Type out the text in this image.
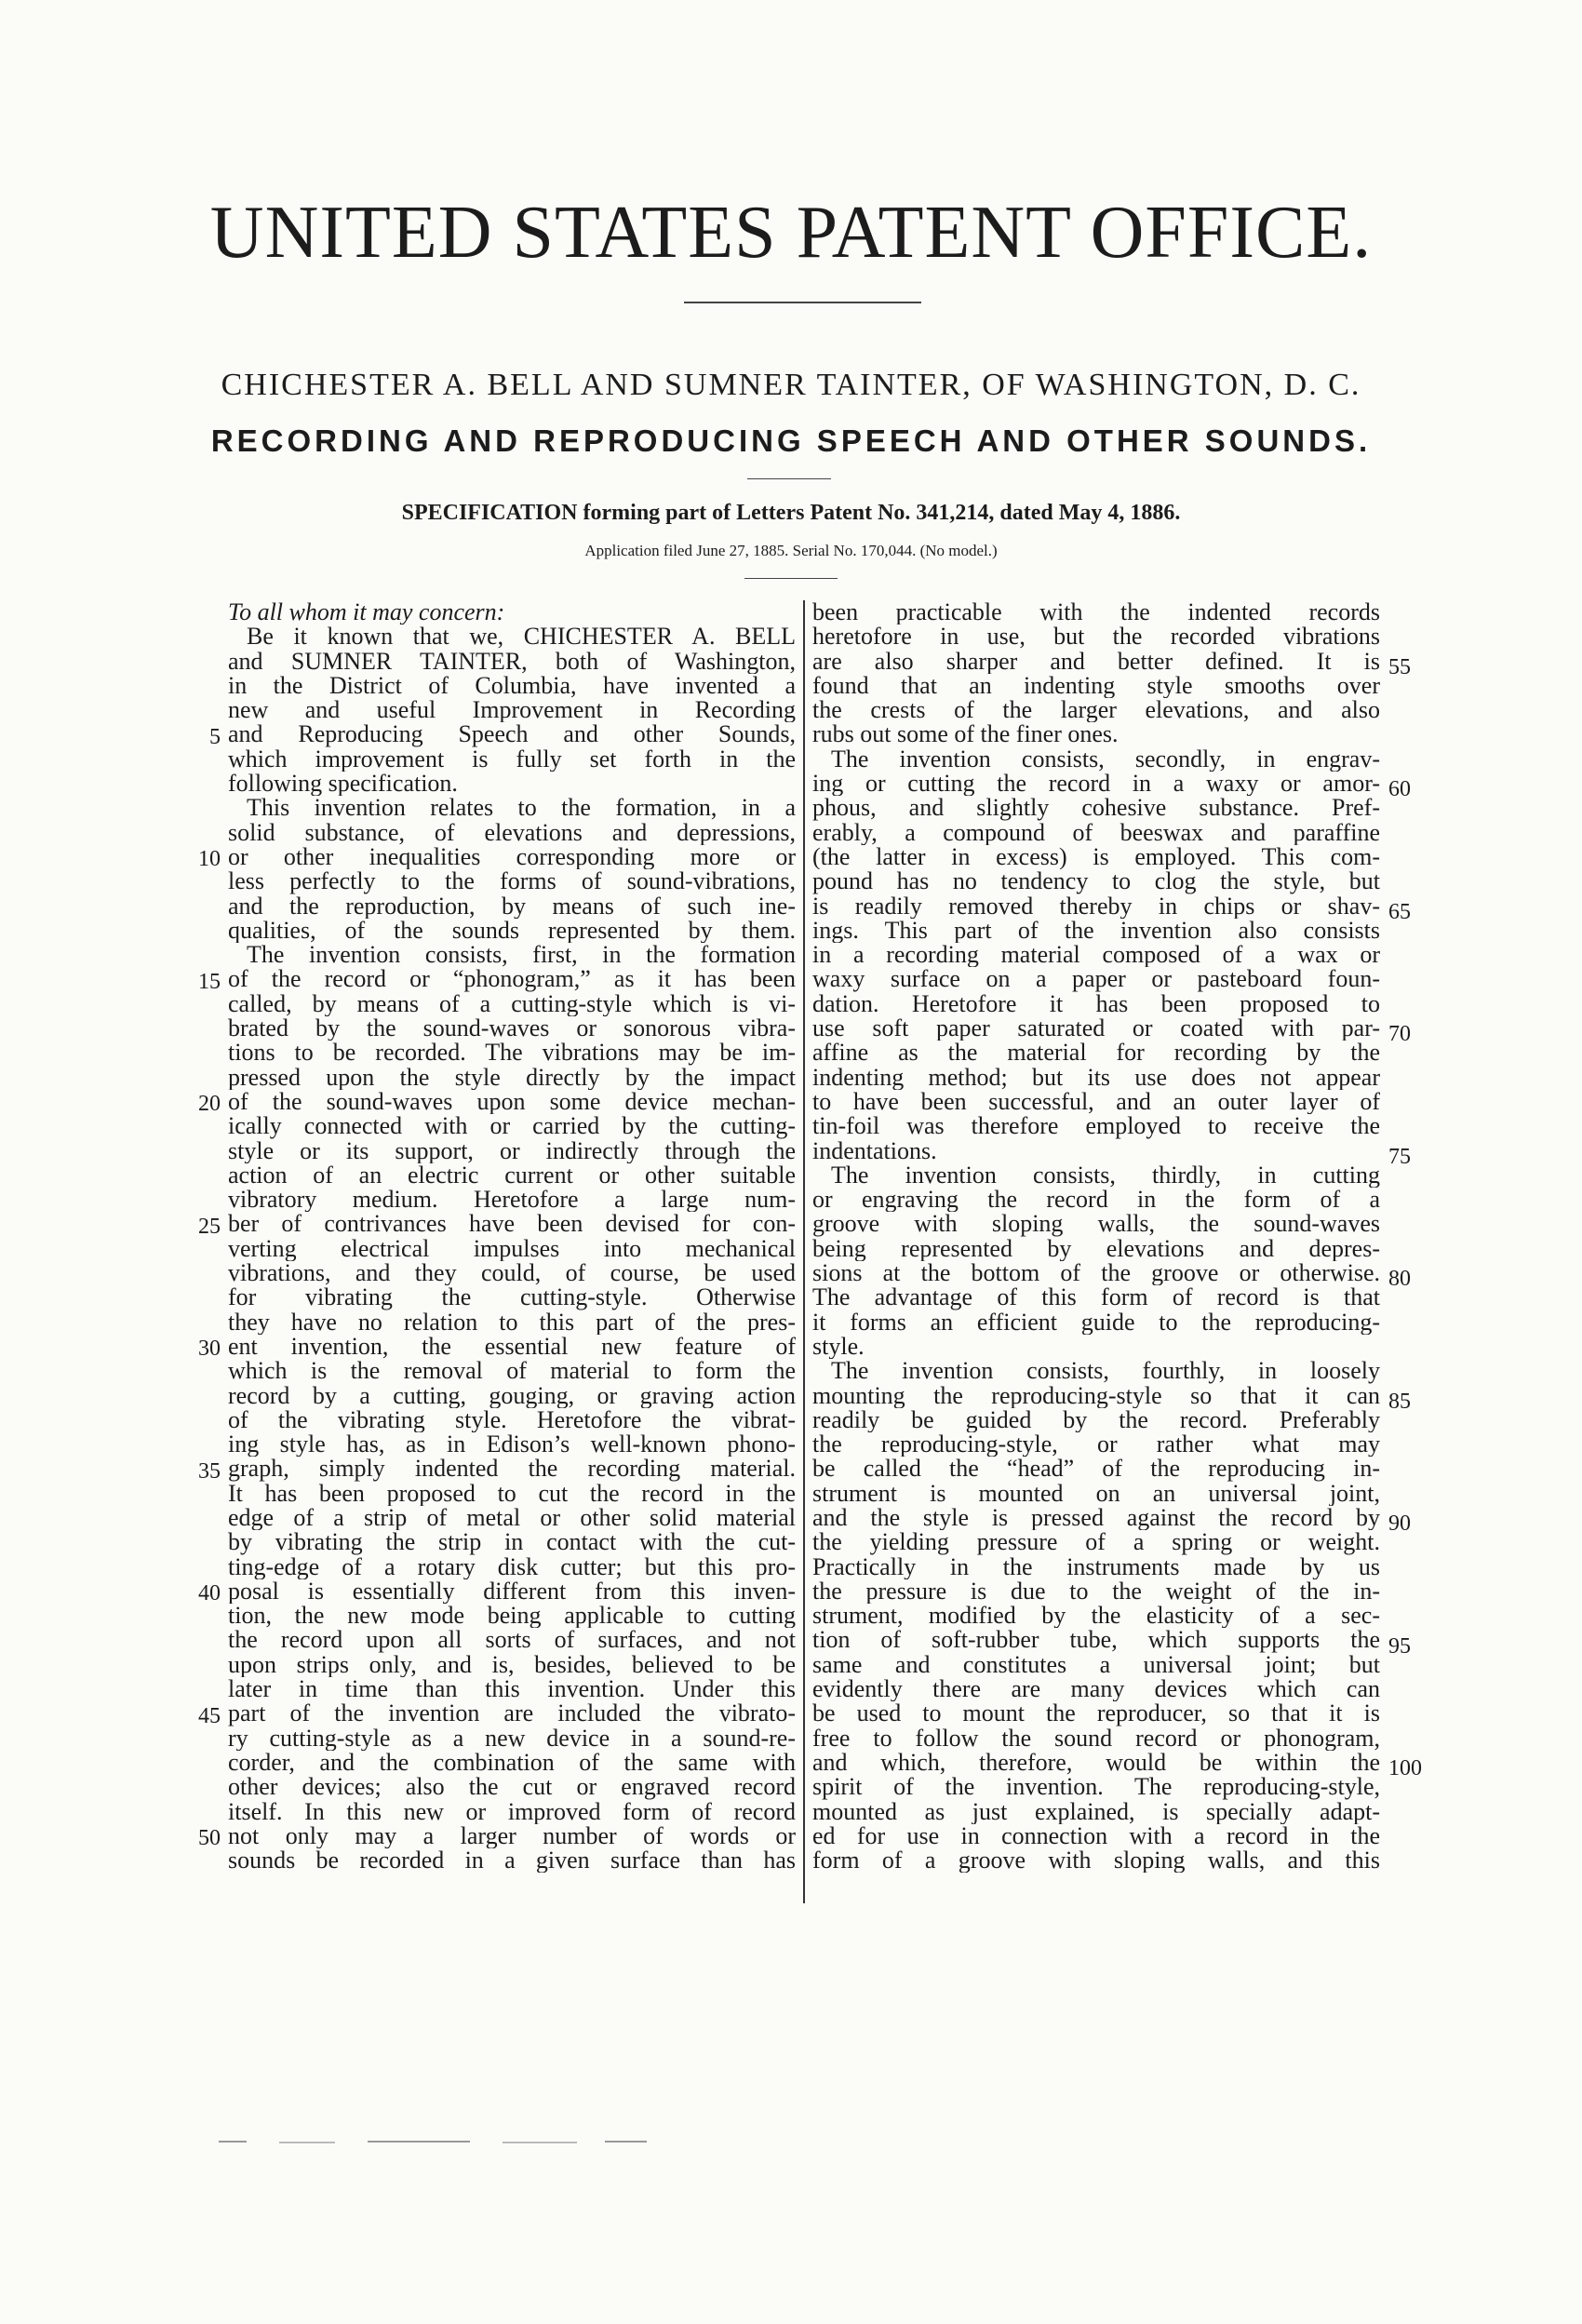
UNITED STATES PATENT OFFICE.
CHICHESTER A. BELL AND SUMNER TAINTER, OF WASHINGTON, D. C.
RECORDING AND REPRODUCING SPEECH AND OTHER SOUNDS.
SPECIFICATION forming part of Letters Patent No. 341,214, dated May 4, 1886.
Application filed June 27, 1885. Serial No. 170,044. (No model.)
To all whom it may concern:
Be it known that we, CHICHESTER A. BELL
and SUMNER TAINTER, both of Washington,
in the District of Columbia, have invented a
new and useful Improvement in Recording
and Reproducing Speech and other Sounds,
which improvement is fully set forth in the
following specification.
This invention relates to the formation, in a
solid substance, of elevations and depressions,
or other inequalities corresponding more or
less perfectly to the forms of sound-vibrations,
and the reproduction, by means of such ine-
qualities, of the sounds represented by them.
The invention consists, first, in the formation
of the record or “phonogram,” as it has been
called, by means of a cutting-style which is vi-
brated by the sound-waves or sonorous vibra-
tions to be recorded. The vibrations may be im-
pressed upon the style directly by the impact
of the sound-waves upon some device mechan-
ically connected with or carried by the cutting-
style or its support, or indirectly through the
action of an electric current or other suitable
vibratory medium. Heretofore a large num-
ber of contrivances have been devised for con-
verting electrical impulses into mechanical
vibrations, and they could, of course, be used
for vibrating the cutting-style. Otherwise
they have no relation to this part of the pres-
ent invention, the essential new feature of
which is the removal of material to form the
record by a cutting, gouging, or graving action
of the vibrating style. Heretofore the vibrat-
ing style has, as in Edison’s well-known phono-
graph, simply indented the recording material.
It has been proposed to cut the record in the
edge of a strip of metal or other solid material
by vibrating the strip in contact with the cut-
ting-edge of a rotary disk cutter; but this pro-
posal is essentially different from this inven-
tion, the new mode being applicable to cutting
the record upon all sorts of surfaces, and not
upon strips only, and is, besides, believed to be
later in time than this invention. Under this
part of the invention are included the vibrato-
ry cutting-style as a new device in a sound-re-
corder, and the combination of the same with
other devices; also the cut or engraved record
itself. In this new or improved form of record
not only may a larger number of words or
sounds be recorded in a given surface than has
been practicable with the indented records
heretofore in use, but the recorded vibrations
are also sharper and better defined. It is
found that an indenting style smooths over
the crests of the larger elevations, and also
rubs out some of the finer ones.
The invention consists, secondly, in engrav-
ing or cutting the record in a waxy or amor-
phous, and slightly cohesive substance. Pref-
erably, a compound of beeswax and paraffine
(the latter in excess) is employed. This com-
pound has no tendency to clog the style, but
is readily removed thereby in chips or shav-
ings. This part of the invention also consists
in a recording material composed of a wax or
waxy surface on a paper or pasteboard foun-
dation. Heretofore it has been proposed to
use soft paper saturated or coated with par-
affine as the material for recording by the
indenting method; but its use does not appear
to have been successful, and an outer layer of
tin-foil was therefore employed to receive the
indentations.
The invention consists, thirdly, in cutting
or engraving the record in the form of a
groove with sloping walls, the sound-waves
being represented by elevations and depres-
sions at the bottom of the groove or otherwise.
The advantage of this form of record is that
it forms an efficient guide to the reproducing-
style.
The invention consists, fourthly, in loosely
mounting the reproducing-style so that it can
readily be guided by the record. Preferably
the reproducing-style, or rather what may
be called the “head” of the reproducing in-
strument is mounted on an universal joint,
and the style is pressed against the record by
the yielding pressure of a spring or weight.
Practically in the instruments made by us
the pressure is due to the weight of the in-
strument, modified by the elasticity of a sec-
tion of soft-rubber tube, which supports the
same and constitutes a universal joint; but
evidently there are many devices which can
be used to mount the reproducer, so that it is
free to follow the sound record or phonogram,
and which, therefore, would be within the
spirit of the invention. The reproducing-style,
mounted as just explained, is specially adapt-
ed for use in connection with a record in the
form of a groove with sloping walls, and this
5
10
15
20
25
30
35
40
45
50
55
60
65
70
75
80
85
90
95
100
